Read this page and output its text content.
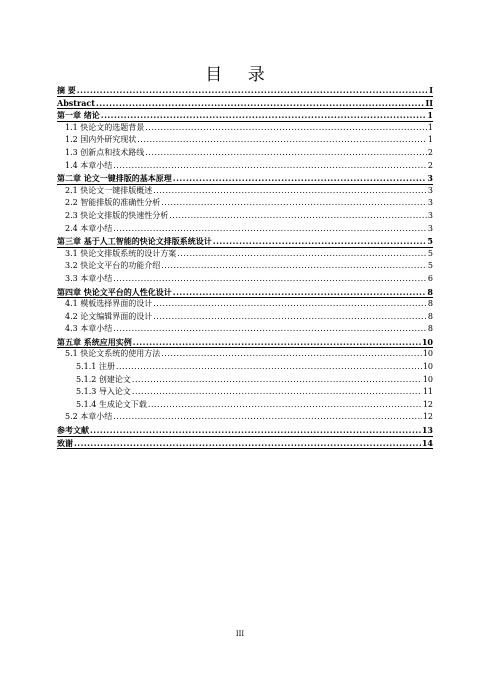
目 录
摘 要 .....	I
Abstract .....	II
第一章 绪论 .....	1
1.1 快论文的选题背景 .....	1
1.2 国内外研究现状 .....	1
1.3 创新点和技术路线 .....	2
1.4 本章小结 .....	2
第二章 论文一键排版的基本原理 .....	3
2.1 快论文一键排版概述 .....	3
2.2 智能排版的准确性分析 .....	3
2.3 快论文排版的快速性分析 .....	3
2.4 本章小结 .....	3
第三章 基于人工智能的快论文排版系统设计 .....	5
3.1 快论文排版系统的设计方案 .....	5
3.2 快论文平台的功能介绍 .....	5
3.3 本章小结 .....	6
第四章 快论文平台的人性化设计 .....	8
4.1 模板选择界面的设计 .....	8
4.2 论文编辑界面的设计 .....	8
4.3 本章小结 .....	8
第五章 系统应用实例 .....	10
5.1 快论文系统的使用方法 .....	10
5.1.1 注册 .....	10
5.1.2 创建论文 .....	10
5.1.3 导入论文 .....	11
5.1.4 生成论文下载 .....	12
5.2 本章小结 .....	12
参考文献 .....	13
致谢 .....	14
III
